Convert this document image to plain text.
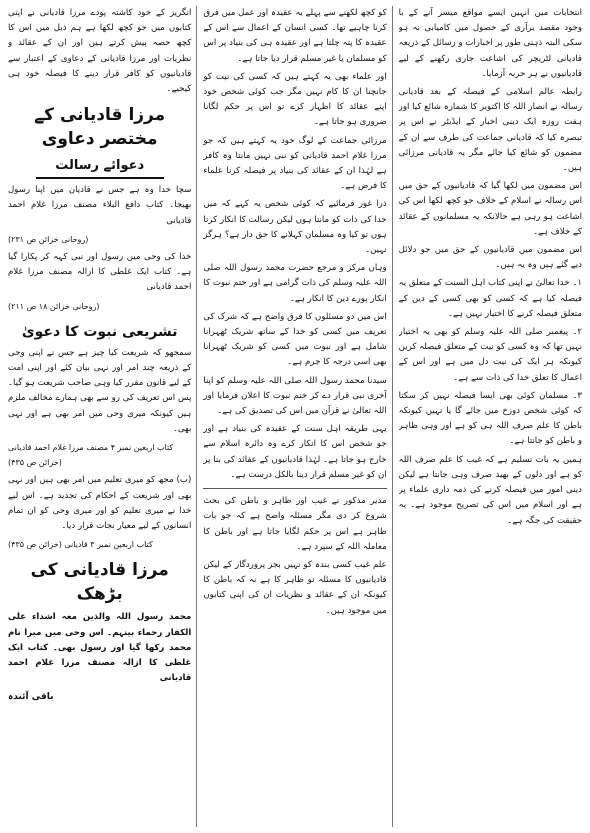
انتخابات میں انہیں ایسے مواقع میسر آنے کے با وجود مقصد برآری کے حصول میں کامیابی نہ ہو سکی البتہ ذہنی طور پر اخبارات و رسائل کے ذریعہ قادیانی لٹریچر کی اشاعت جاری رکھنے کے لیے قادیانیوں نے ہر حربہ آزمایا۔

رابطہ عالم اسلامی کے فیصلہ کے بعد قادیانی رسالہ نے انصار اللہ کا اکتوبر کا شمارہ شائع کیا اور ہفت روزہ ایک دینی اخبار کے ایڈیٹر نے اس پر تبصرہ کیا کہ قادیانی جماعت کی طرف سے ان کے مضمون کو شائع کیا جائے مگر یہ قادیانی مرزائی ہیں۔

اس مضمون میں لکھا گیا کہ قادیانیوں کے حق میں اس رسالہ نے اسلام کے خلاف جو کچھ لکھا اس کی اشاعت ہو رہی ہے حالانکہ یہ مسلمانوں کے عقائد کے خلاف ہے۔

اس مضمون میں قادیانیوں کے حق میں جو دلائل دیے گئے ہیں وہ یہ ہیں۔

۱۔ خدا تعالیٰ نے اپنی کتاب اہل السنت کے متعلق یہ فیصلہ کیا ہے کہ کسی کو بھی کسی کے دین کے متعلق فیصلہ کرنے کا اختیار نہیں ہے۔

۲۔ پیغمبر صلی اللہ علیہ وسلم کو بھی یہ اختیار نہیں تھا کہ وہ کسی کو نیت کے متعلق فیصلہ کریں کیونکہ ہر ایک کی نیت دل میں ہے اور اس کے اعمال کا تعلق خدا کی ذات سے ہے۔

۳۔ مسلمان کوئی بھی ایسا فیصلہ نہیں کر سکتا کہ کوئی شخص دوزخ میں جائے گا یا نہیں کیونکہ باطن کا علم صرف اللہ ہی کو ہے اور وہی ظاہر و باطن کو جانتا ہے۔

ہمیں یہ بات تسلیم ہے کہ غیب کا علم صرف اللہ کو ہے اور دلوں کے بھید صرف وہی جانتا ہے لیکن دینی امور میں فیصلہ کرنے کی ذمہ داری علماء پر ہے اور اسلام میں اس کی تصریح موجود ہے۔ یہ حقیقت کی جگہ ہے۔

کو کچھ لکھنے سے پہلے یہ عقیدہ اور عمل میں فرق کرنا چاہیے تھا۔ کسی انسان کے اعمال سے اس کے عقیدہ کا پتہ چلتا ہے اور عقیدہ ہی کی بنیاد پر اس کو مسلمان یا غیر مسلم قرار دیا جاتا ہے۔

اور علماء بھی یہ کہتے ہیں کہ کسی کی نیت کو جانچنا ان کا کام نہیں مگر جب کوئی شخص خود اپنے عقائد کا اظہار کرے تو اس پر حکم لگانا ضروری ہو جاتا ہے۔

مرزائی جماعت کے لوگ خود یہ کہتے ہیں کہ جو مرزا غلام احمد قادیانی کو نبی نہیں مانتا وہ کافر ہے لہٰذا ان کے عقائد کی بنیاد پر فیصلہ کرنا علماء کا فرض ہے۔

ذرا غور فرمائیے کہ کوئی شخص یہ کہے کہ میں خدا کی ذات کو مانتا ہوں لیکن رسالت کا انکار کرتا ہوں تو کیا وہ مسلمان کہلانے کا حق دار ہے؟ ہرگز نہیں۔

وہاں مرکز و مرجع حضرت محمد رسول اللہ صلی اللہ علیہ وسلم کی ذات گرامی ہے اور ختم نبوت کا انکار پورے دین کا انکار ہے۔

اس میں دو مسئلوں کا فرق واضح ہے کہ شرک کی تعریف میں کسی کو خدا کے ساتھ شریک ٹھہرانا شامل ہے اور نبوت میں کسی کو شریک ٹھہرانا بھی اسی درجہ کا جرم ہے۔

سیدنا محمد رسول اللہ صلی اللہ علیہ وسلم کو اپنا آخری نبی قرار دے کر ختم نبوت کا اعلان فرمایا اور اللہ تعالیٰ نے قرآن میں اس کی تصدیق کی ہے۔

یہی طریقہ اہل سنت کے عقیدہ کی بنیاد ہے اور جو شخص اس کا انکار کرے وہ دائرہ اسلام سے خارج ہو جاتا ہے۔ لہٰذا قادیانیوں کے عقائد کی بنا پر ان کو غیر مسلم قرار دینا بالکل درست ہے۔

مدیر مذکور نے غیب اور ظاہر و باطن کی بحث شروع کر دی مگر مسئلہ واضح ہے کہ جو بات ظاہر ہے اس پر حکم لگایا جاتا ہے اور باطن کا معاملہ اللہ کے سپرد ہے۔

علم غیب کسی بندہ کو نہیں بجز پروردگار کے لیکن قادیانیوں کا مسئلہ تو ظاہر کا ہے نہ کہ باطن کا کیونکہ ان کے عقائد و نظریات ان کی اپنی کتابوں میں موجود ہیں۔

انگریز کے خود کاشتہ پودے مرزا قادیانی نے اپنی کتابوں میں جو کچھ لکھا ہے ہم ذیل میں اس کا کچھ حصہ پیش کرتے ہیں اور ان کے عقائد و نظریات اور مرزا قادیانی کے دعاوی کے اعتبار سے قادیانیوں کو کافر قرار دینے کا فیصلہ خود ہی کیجیے۔

مرزا قادیانی کے مختصر دعاوی
دعوائے رسالت

سچا خدا وہ ہے جس نے قادیان میں اپنا رسول بھیجا۔ کتاب دافع البلاء مصنف مرزا غلام احمد قادیانی

(روحانی خزائن ص ۲۳۱)

خدا کی وحی میں رسول اور نبی کہہ کر پکارا گیا ہے۔ کتاب ایک غلطی کا ازالہ مصنف مرزا غلام احمد قادیانی

(روحانی خزائن ۱۸ ص ۲۱۱)

تشریعی نبوت کا دعویٰ

سمجھو کہ شریعت کیا چیز ہے جس نے اپنی وحی کے ذریعہ چند امر اور نہی بیان کئے اور اپنی امت کے لیے قانون مقرر کیا وہی صاحب شریعت ہو گیا۔ پس اس تعریف کی رو سے بھی ہمارے مخالف ملزم ہیں کیونکہ میری وحی میں امر بھی ہے اور نہی بھی۔

کتاب اربعین نمبر ۴ مصنف مرزا غلام احمد قادیانی (خزائن ص ۴۳۵)

(ب) مجھ کو میری تعلیم میں امر بھی ہیں اور نہی بھی اور شریعت کے احکام کی تجدید ہے۔ اس لیے خدا نے میری تعلیم کو اور میری وحی کو ان تمام انسانوں کے لیے معیار نجات قرار دیا۔

کتاب اربعین نمبر ۳ قادیانی (خزائن ص ۴۳۵)

مرزا قادیانی کی بڑھک

محمد رسول اللہ والذین معہ اشداء علی الکفار رحماء بینہم۔ اس وحی میں میرا نام محمد رکھا گیا اور رسول بھی۔ کتاب ایک غلطی کا ازالہ مصنف مرزا غلام احمد قادیانی

باقی آئندہ
